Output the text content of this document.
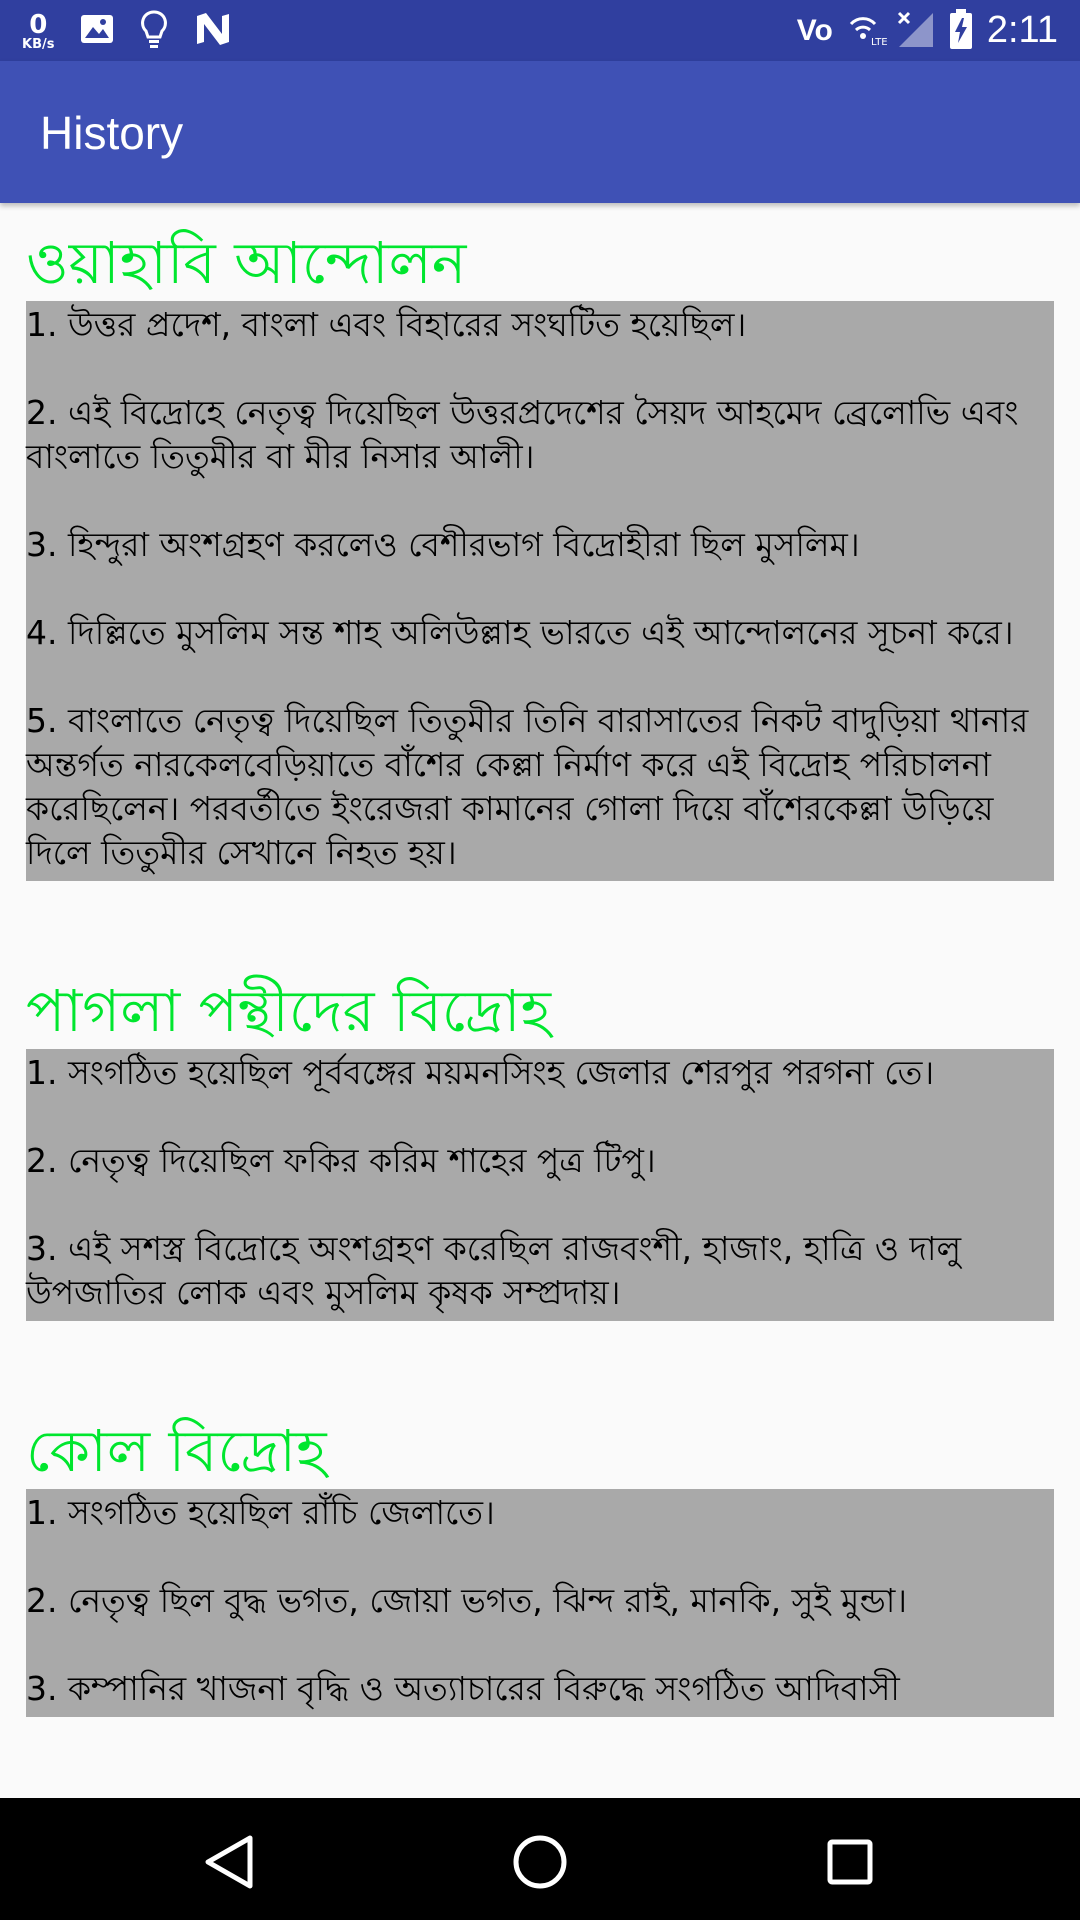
0
KB/s	Vo	LTE	2:11
History
ওয়াহাবি আন্দোলন
1. উত্তর প্রদেশ, বাংলা এবং বিহারের সংঘটিত হয়েছিল।
2. এই বিদ্রোহে নেতৃত্ব দিয়েছিল উত্তরপ্রদেশের সৈয়দ আহমেদ ব্রেলোভি এবং বাংলাতে তিতুমীর বা মীর নিসার আলী।
3. হিন্দুরা অংশগ্রহণ করলেও বেশীরভাগ বিদ্রোহীরা ছিল মুসলিম।
4. দিল্লিতে মুসলিম সন্ত শাহ অলিউল্লাহ ভারতে এই আন্দোলনের সূচনা করে।
5. বাংলাতে নেতৃত্ব দিয়েছিল তিতুমীর তিনি বারাসাতের নিকট বাদুড়িয়া থানার অন্তর্গত নারকেলবেড়িয়াতে বাঁশের কেল্লা নির্মাণ করে এই বিদ্রোহ পরিচালনা করেছিলেন। পরবর্তীতে ইংরেজরা কামানের গোলা দিয়ে বাঁশেরকেল্লা উড়িয়ে দিলে তিতুমীর সেখানে নিহত হয়।
পাগলা পন্থীদের বিদ্রোহ
1. সংগঠিত হয়েছিল পূর্ববঙ্গের ময়মনসিংহ জেলার শেরপুর পরগনা তে।
2. নেতৃত্ব দিয়েছিল ফকির করিম শাহের পুত্র টিপু।
3. এই সশস্ত্র বিদ্রোহে অংশগ্রহণ করেছিল রাজবংশী, হাজাং, হাত্রি ও দালু উপজাতির লোক এবং মুসলিম কৃষক সম্প্রদায়।
কোল বিদ্রোহ
1. সংগঠিত হয়েছিল রাঁচি জেলাতে।
2. নেতৃত্ব ছিল বুদ্ধ ভগত, জোয়া ভগত, ঝিন্দ রাই, মানকি, সুই মুন্ডা।
3. কম্পানির খাজনা বৃদ্ধি ও অত্যাচারের বিরুদ্ধে সংগঠিত আদিবাসী
